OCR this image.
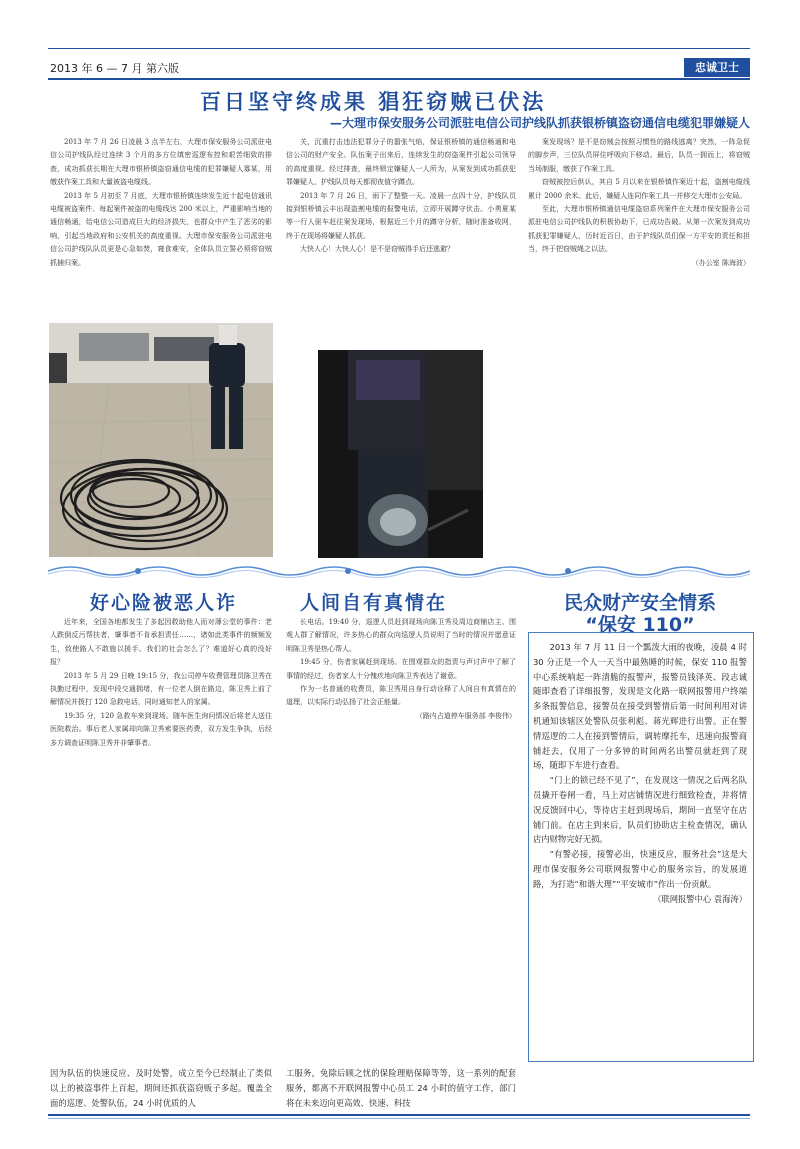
2013 年 6 — 7 月 第六版	忠诚卫士
百日坚守终成果 猖狂窃贼已伏法
—大理市保安服务公司派驻电信公司护线队抓获银桥镇盗窃通信电缆犯罪嫌疑人

2013 年 7 月 26 日凌晨 3 点半左右，大理市保安服务公司派驻电信公司护线队经过连续 3 个月的多方位缜密巡逻布控和艰苦细致的排查，成功抓获长期在大理市银桥镇盗窃通信电缆的犯罪嫌疑人寡某，用缴获作案工具和大量被盗电缆线。

2013 年 5 月初至 7 月底，大理市银桥镇连续发生近十起电信通讯电缆被盗案件。每起案件被盗的电缆线达 200 米以上，严重影响当地的通信畅通，给电信公司造成巨大的经济损失，也群众中产生了恶劣的影响，引起当地政府和公安机关的高度重视。大理市保安服务公司派驻电信公司护线队队员更是心急如焚，寝食难安，全体队员立誓必须将窃贼抓捕归案。

关，沉重打击违法犯罪分子的嚣张气焰，保证银桥镇的通信畅通和电信公司的财产安全。队伍案子出来后，连续发生的窃盗案件引起公司领导的高度重视。经过排查，最终锁定嫌疑人一人所为，从案发到成功抓获犯罪嫌疑人，护线队员每天都彻夜值守蹲点。

2013 年 7 月 26 日，雨下了整整一天。凌晨一点四十分，护线队员接到银桥镇云丰出现盗割电缆的报警电话，立即开展蹲守伏击。小勇夏某等一行人驱车赶往案发现场，根据近三个月的蹲守分析，随时准备收网，终于在现场将嫌疑人抓获。

大快人心！大快人心！是不是窃贼得手后还逃避？

案发现场？是不是窃贼会按照习惯性的路线逃离？突然，一阵急促的脚步声，三位队员屏住呼吸向下移动。最后，队员一拥而上，将窃贼当场制服，缴获了作案工具。

窃贼被控后供认，其自 5 月以来在银桥镇作案近十起，盗割电缆线累计 2000 余米。此后，嫌疑人连同作案工具一并移交大理市公安局。

至此，大理市银桥镇通信电缆盗窃系列案件在大理市保安服务公司派驻电信公司护线队的积极协助下，已成功告破。从第一次案发到成功抓获犯罪嫌疑人，历时近百日，由于护线队员们保一方平安的责任和担当，终于把窃贼绳之以法。

（办公室 陈海波）

好心险被恶人诈

近年来，全国各地都发生了多起因救助他人而对薄公堂的事件：老人跌倒反污帮扶者，肇事者不肯承担责任……，诸如此类事件的频频发生，致使路人不敢施以援手。我们的社会怎么了？难道好心真的没好报？

2013 年 5 月 29 日晚 19:15 分，我公司停车收费管理员陈卫秀在执勤过程中，发现中段交通拥堵，有一位老人倒在路边，陈卫秀上前了解情况并拨打 120 急救电话，同时通知老人的家属。

19:35 分，120 急救车来到现场。随车医生询问情况后将老人送往医院救治。事后老人家属却向陈卫秀索要医药费，双方发生争执，后经多方调查证明陈卫秀并非肇事者。

人间自有真情在

长电话。19:40 分，巡逻人员赶到现场向陈卫秀及周边商铺店主、围观人群了解情况，许多热心的群众向巡逻人员说明了当时的情况并愿意证明陈卫秀是热心帮人。

19:45 分，伤者家属赶到现场。在围观群众的指责与声讨声中了解了事情的经过，伤者家人十分愧疚地向陈卫秀表达了谢意。

作为一名普通的收费员，陈卫秀用自身行动诠释了人间自有真情在的道理，以实际行动弘扬了社会正能量。

（路内占道停车服务部 李俊伟）

民众财产安全情系
“保安 110”

2013 年 7 月 11 日一个瓢泼大雨的夜晚，凌晨 4 时 30 分正是一个人一天当中最熟睡的时候，保安 110 报警中心系统响起一阵清脆的报警声，报警员钱泽英、段志诚随即查看了详细报警，发现是文化路一联网报警用户终端多条报警信息，接警员在接受到警情后第一时间利用对讲机通知该辖区处警队员张利彪、蒋光辉进行出警。正在警情巡逻的二人在接到警情后，调转摩托车，迅速向报警商铺赶去，仅用了一分多钟的时间两名出警员就赶到了现场，随即下车进行查看。

“门上的锁已经不见了”，在发现这一情况之后两名队员撬开卷闸一看，马上对店铺情况进行细致检查，并将情况反馈回中心，等待店主赶到现场后，期间一直坚守在店铺门前。在店主到来后，队员们协助店主检查情况，确认店内财物完好无损。

“有警必接，接警必出，快速反应，服务社会”这是大理市保安服务公司联网报警中心的服务宗旨，的发展道路，为打造“和谐大理”“平安城市”作出一份贡献。

（联网报警中心 袁海涛）

因为队伍的快速反应、及时处警，成立至今已经制止了类似以上的被盗事件上百起，期间还抓获盗窃贩子多起。覆盖全面的巡逻、处警队伍，24 小时优质的人
工服务，免除后顾之忧的保险理赔保障等等，这一系列的配套服务，都离不开联网报警中心员工 24 小时的值守工作，部门将在未来迈向更高效、快速、科技
